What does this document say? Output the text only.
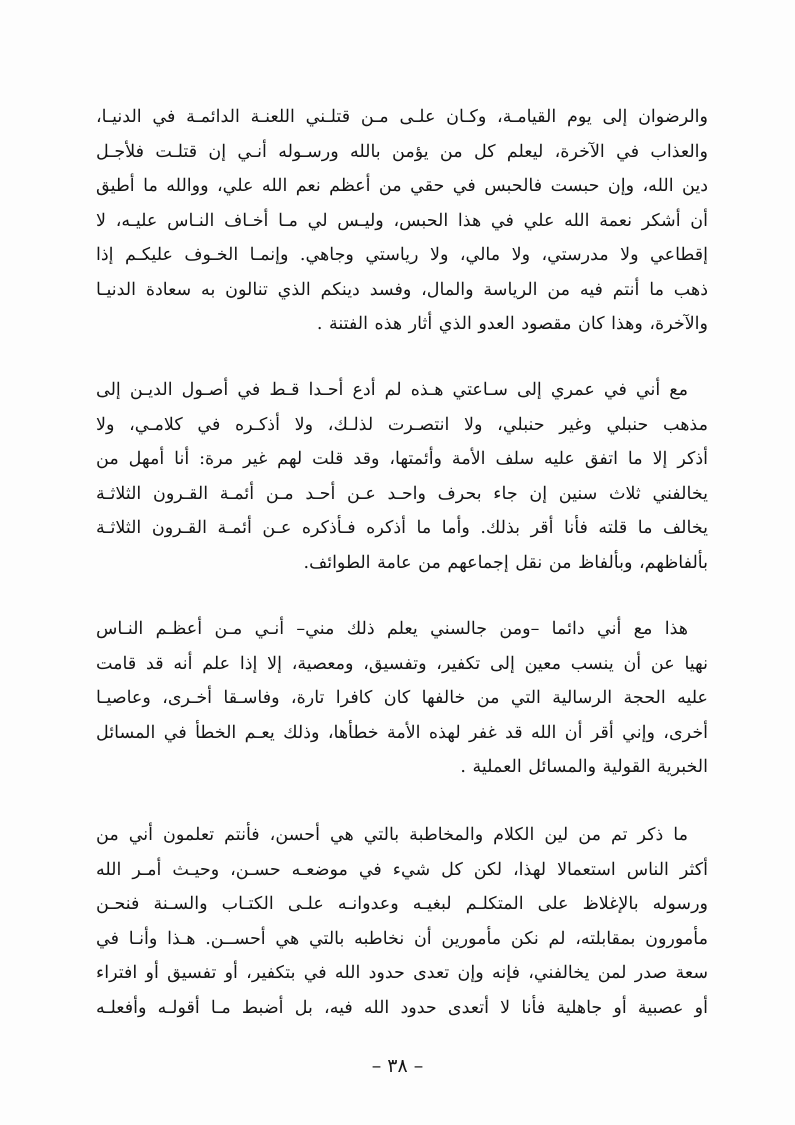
والرضوان إلى يوم القيامـة، وكـان علـى مـن قتلـني اللعنـة الدائمـة في الدنيـا،
والعذاب في الآخرة، ليعلم كل من يؤمن بالله ورسـوله أنـي إن قتلـت فلأجـل
دين الله، وإن حبست فالحبس في حقي من أعظم نعم الله علي، ووالله ما أطيق
أن أشكر نعمة الله علي في هذا الحبس، وليـس لي مـا أخـاف النـاس عليـه، لا
إقطاعي ولا مدرستي، ولا مالي، ولا رياستي وجاهي. وإنمـا الخـوف عليكـم إذا
ذهب ما أنتم فيه من الرياسة والمال، وفسد دينكم الذي تنالون به سعادة الدنيـا
والآخرة، وهذا كان مقصود العدو الذي أثار هذه الفتنة .
مع أني في عمري إلى سـاعتي هـذه لم أدع أحـدا قـط في أصـول الديـن إلى
مذهب حنبلي وغير حنبلي، ولا انتصـرت لذلـك، ولا أذكـره في كلامـي، ولا
أذكر إلا ما اتفق عليه سلف الأمة وأئمتها، وقد قلت لهم غير مرة: أنا أمهل من
يخالفني ثلاث سنين إن جاء بحرف واحـد عـن أحـد مـن أئمـة القـرون الثلاثـة
يخالف ما قلته فأنا أقر بذلك. وأما ما أذكره فـأذكره عـن أئمـة القـرون الثلاثـة
بألفاظهم، وبألفاظ من نقل إجماعهم من عامة الطوائف.
هذا مع أني دائما –ومن جالسني يعلم ذلك مني– أنـي مـن أعظـم النـاس
نهيا عن أن ينسب معين إلى تكفير، وتفسيق، ومعصية، إلا إذا علم أنه قد قامت
عليه الحجة الرسالية التي من خالفها كان كافرا تارة، وفاسـقا أخـرى، وعاصيـا
أخرى، وإني أقر أن الله قد غفر لهذه الأمة خطأها، وذلك يعـم الخطأ في المسائل
الخبرية القولية والمسائل العملية .
ما ذكر تم من لين الكلام والمخاطبة بالتي هي أحسن، فأنتم تعلمون أني من
أكثر الناس استعمالا لهذا، لكن كل شيء في موضعـه حسـن، وحيـث أمـر الله
ورسوله بالإغلاظ على المتكلـم لبغيـه وعدوانـه علـى الكتـاب والسـنة فنحـن
مأمورون بمقابلته، لم نكن مأمورين أن نخاطبه بالتي هي أحســن. هـذا وأنـا في
سعة صدر لمن يخالفني، فإنه وإن تعدى حدود الله في بتكفير، أو تفسيق أو افتراء
أو عصبية أو جاهلية فأنا لا أتعدى حدود الله فيه، بل أضبط مـا أقولـه وأفعلـه
– ٣٨ –
